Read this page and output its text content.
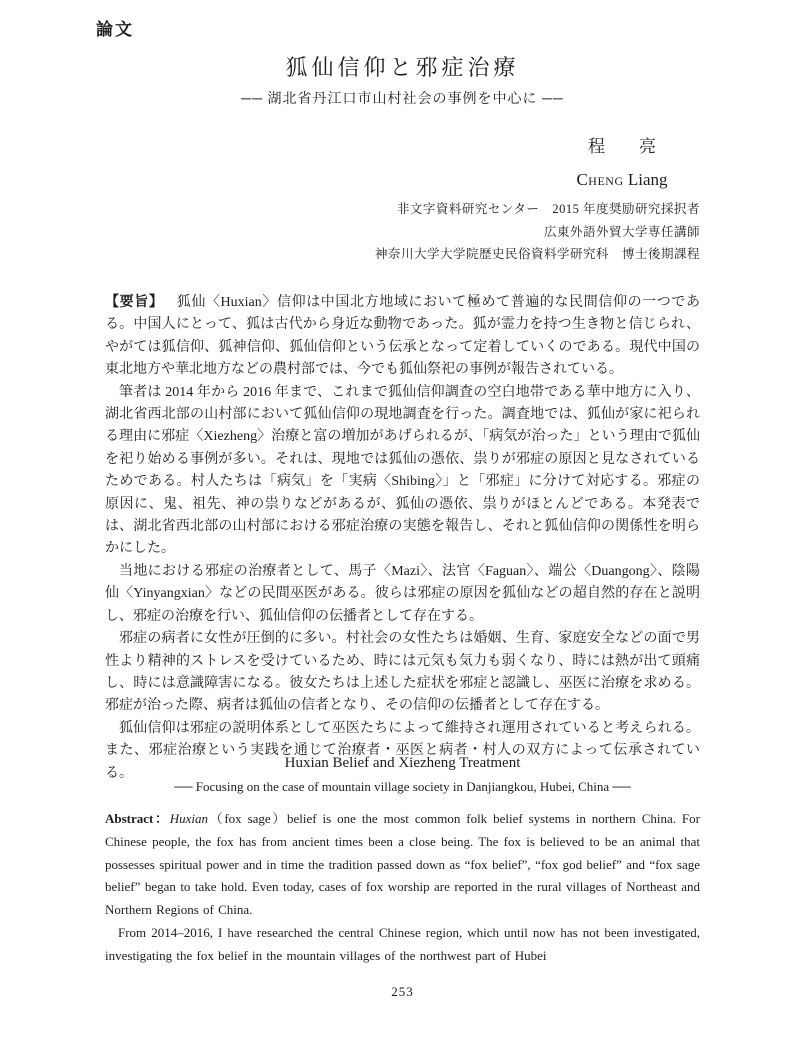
論文
狐仙信仰と邪症治療
── 湖北省丹江口市山村社会の事例を中心に ──
程　　亮
Cheng Liang
非文字資料研究センター　2015 年度奨励研究採択者
広東外語外貿大学専任講師
神奈川大学大学院歴史民俗資料学研究科　博士後期課程

【要旨】 狐仙〈Huxian〉信仰は中国北方地域において極めて普遍的な民間信仰の一つである。中国人にとって、狐は古代から身近な動物であった。狐が霊力を持つ生き物と信じられ、やがては狐信仰、狐神信仰、狐仙信仰という伝承となって定着していくのである。現代中国の東北地方や華北地方などの農村部では、今でも狐仙祭祀の事例が報告されている。

筆者は 2014 年から 2016 年まで、これまで狐仙信仰調査の空白地帯である華中地方に入り、湖北省西北部の山村部において狐仙信仰の現地調査を行った。調査地では、狐仙が家に祀られる理由に邪症〈Xiezheng〉治療と富の増加があげられるが、「病気が治った」という理由で狐仙を祀り始める事例が多い。それは、現地では狐仙の憑依、祟りが邪症の原因と見なされているためである。村人たちは「病気」を「実病〈Shibing〉」と「邪症」に分けて対応する。邪症の原因に、鬼、祖先、神の祟りなどがあるが、狐仙の憑依、祟りがほとんどである。本発表では、湖北省西北部の山村部における邪症治療の実態を報告し、それと狐仙信仰の関係性を明らかにした。

当地における邪症の治療者として、馬子〈Mazi〉、法官〈Faguan〉、端公〈Duangong〉、陰陽仙〈Yinyangxian〉などの民間巫医がある。彼らは邪症の原因を狐仙などの超自然的存在と説明し、邪症の治療を行い、狐仙信仰の伝播者として存在する。

邪症の病者に女性が圧倒的に多い。村社会の女性たちは婚姻、生育、家庭安全などの面で男性より精神的ストレスを受けているため、時には元気も気力も弱くなり、時には熱が出て頭痛し、時には意識障害になる。彼女たちは上述した症状を邪症と認識し、巫医に治療を求める。邪症が治った際、病者は狐仙の信者となり、その信仰の伝播者として存在する。

狐仙信仰は邪症の説明体系として巫医たちによって維持され運用されていると考えられる。また、邪症治療という実践を通じて治療者・巫医と病者・村人の双方によって伝承されている。

Huxian Belief and Xiezheng Treatment
── Focusing on the case of mountain village society in Danjiangkou, Hubei, China ──

Abstract：Huxian（fox sage）belief is one the most common folk belief systems in northern China. For Chinese people, the fox has from ancient times been a close being. The fox is believed to be an animal that possesses spiritual power and in time the tradition passed down as “fox belief”, “fox god belief” and “fox sage belief” began to take hold. Even today, cases of fox worship are reported in the rural villages of Northeast and Northern Regions of China.

From 2014–2016, I have researched the central Chinese region, which until now has not been investigated, investigating the fox belief in the mountain villages of the northwest part of Hubei

253
